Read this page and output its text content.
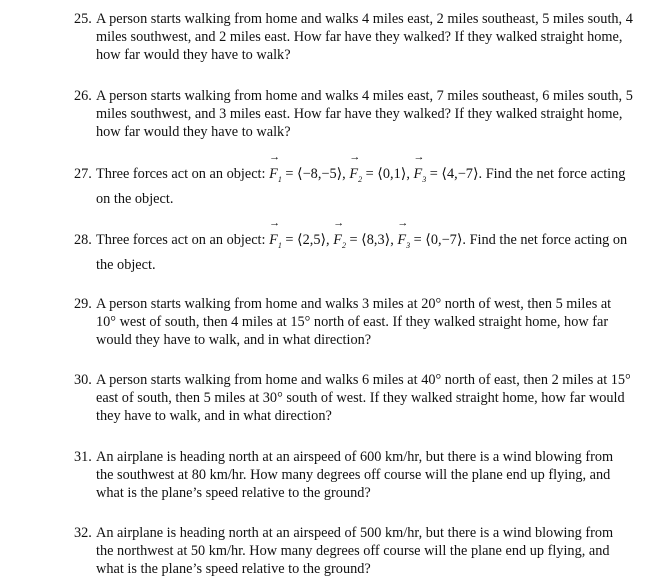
25. A person starts walking from home and walks 4 miles east, 2 miles southeast, 5 miles south, 4 miles southwest, and 2 miles east. How far have they walked? If they walked straight home, how far would they have to walk?
26. A person starts walking from home and walks 4 miles east, 7 miles southeast, 6 miles south, 5 miles southwest, and 3 miles east. How far have they walked? If they walked straight home, how far would they have to walk?
27. Three forces act on an object: → $F_1$ = ⟨−8,−5⟩, → $F_2$ = ⟨0,1⟩, → $F_3$ = ⟨4,−7⟩. Find the net force acting on the object.
28. Three forces act on an object: → $F_1$ = ⟨2,5⟩, → $F_2$ = ⟨8,3⟩, → $F_3$ = ⟨0,−7⟩. Find the net force acting on the object.
29. A person starts walking from home and walks 3 miles at 20° north of west, then 5 miles at 10° west of south, then 4 miles at 15° north of east. If they walked straight home, how far would they have to walk, and in what direction?
30. A person starts walking from home and walks 6 miles at 40° north of east, then 2 miles at 15° east of south, then 5 miles at 30° south of west. If they walked straight home, how far would they have to walk, and in what direction?
31. An airplane is heading north at an airspeed of 600 km/hr, but there is a wind blowing from the southwest at 80 km/hr. How many degrees off course will the plane end up flying, and what is the plane’s speed relative to the ground?
32. An airplane is heading north at an airspeed of 500 km/hr, but there is a wind blowing from the northwest at 50 km/hr. How many degrees off course will the plane end up flying, and what is the plane’s speed relative to the ground?
